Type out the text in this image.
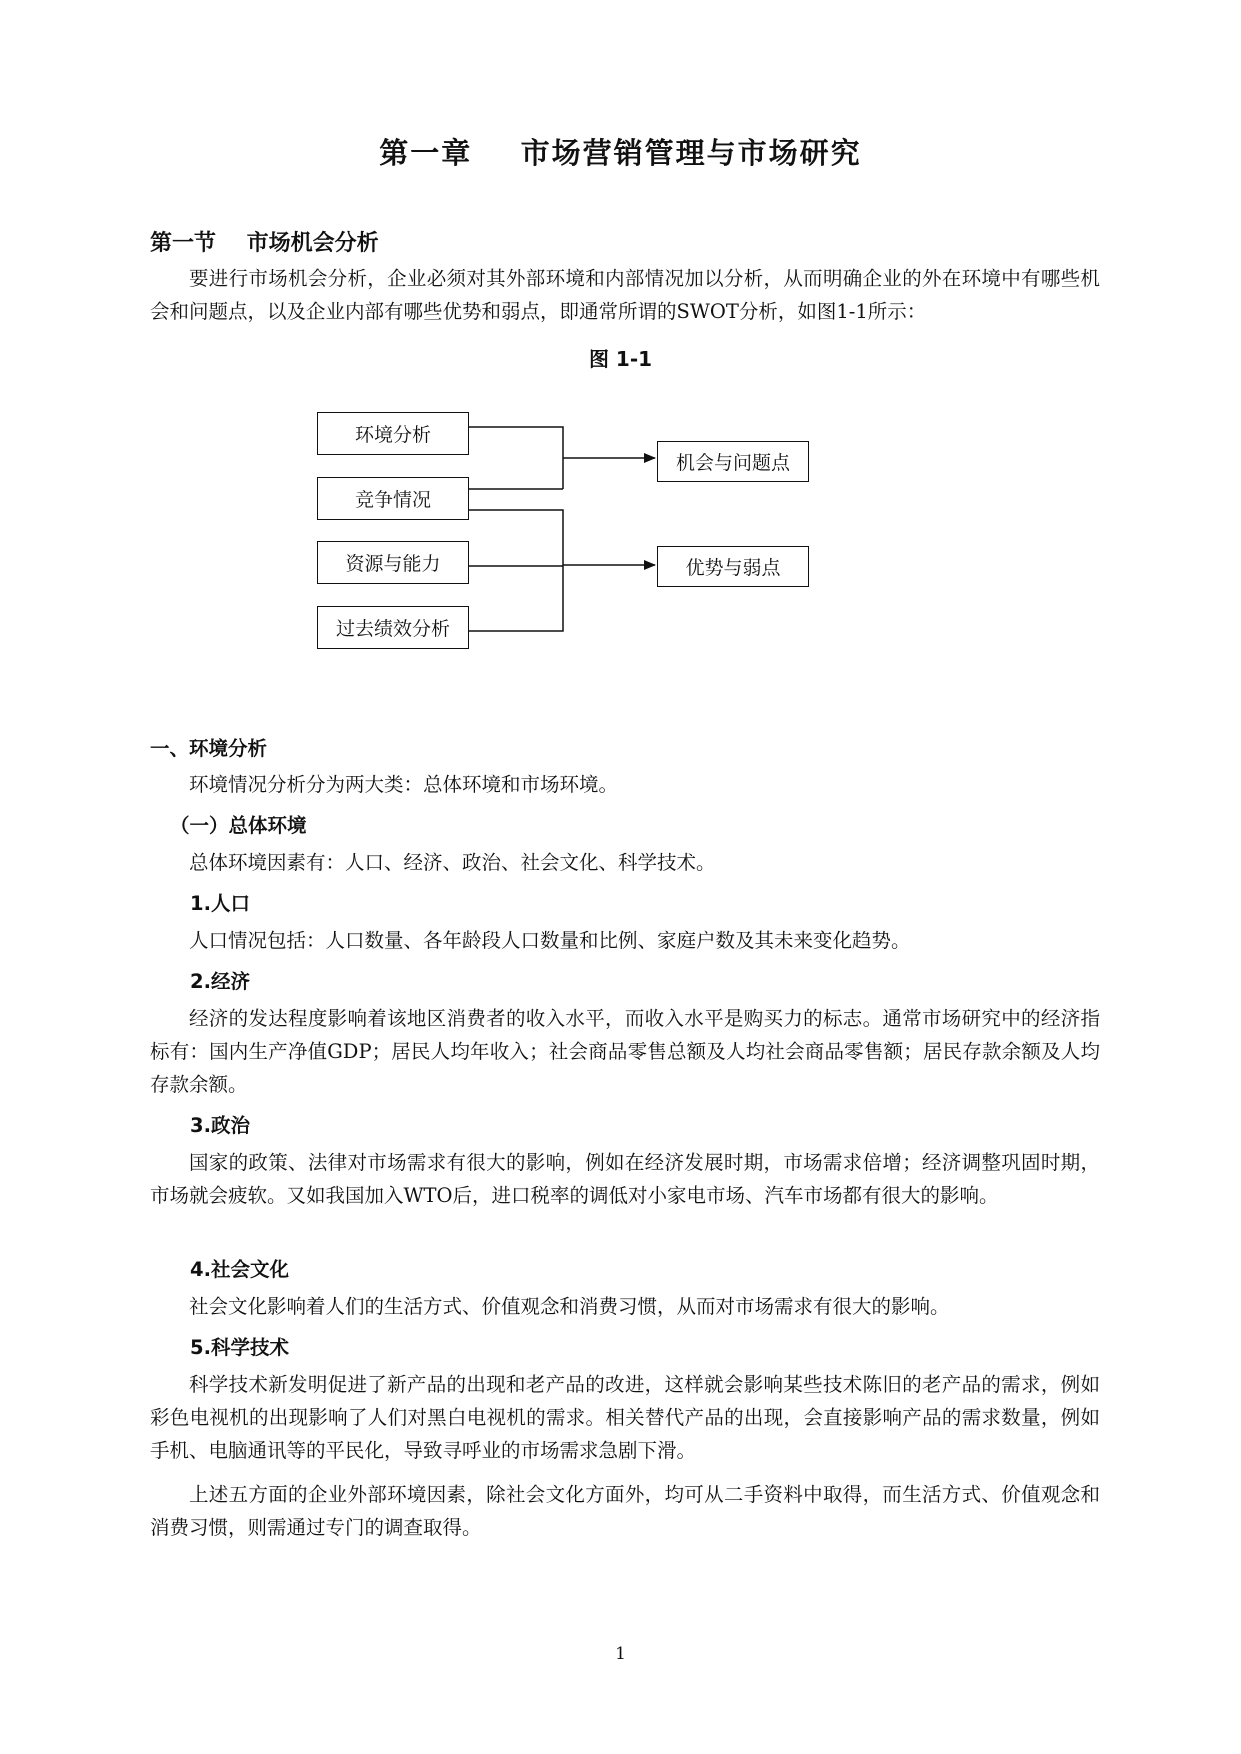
第一章    市场营销管理与市场研究
第一节    市场机会分析

要进行市场机会分析，企业必须对其外部环境和内部情况加以分析，从而明确企业的外在环境中有哪些机会和问题点，以及企业内部有哪些优势和弱点，即通常所谓的SWOT分析，如图1-1所示：

图 1-1
环境分析
竞争情况
资源与能力
过去绩效分析
机会与问题点
优势与弱点
一、环境分析

环境情况分析分为两大类：总体环境和市场环境。

（一）总体环境

总体环境因素有：人口、经济、政治、社会文化、科学技术。

1.人口

人口情况包括：人口数量、各年龄段人口数量和比例、家庭户数及其未来变化趋势。

2.经济

经济的发达程度影响着该地区消费者的收入水平，而收入水平是购买力的标志。通常市场研究中的经济指标有：国内生产净值GDP；居民人均年收入；社会商品零售总额及人均社会商品零售额；居民存款余额及人均存款余额。

3.政治

国家的政策、法律对市场需求有很大的影响，例如在经济发展时期，市场需求倍增；经济调整巩固时期，市场就会疲软。又如我国加入WTO后，进口税率的调低对小家电市场、汽车市场都有很大的影响。

4.社会文化

社会文化影响着人们的生活方式、价值观念和消费习惯，从而对市场需求有很大的影响。

5.科学技术

科学技术新发明促进了新产品的出现和老产品的改进，这样就会影响某些技术陈旧的老产品的需求，例如彩色电视机的出现影响了人们对黑白电视机的需求。相关替代产品的出现，会直接影响产品的需求数量，例如手机、电脑通讯等的平民化，导致寻呼业的市场需求急剧下滑。

上述五方面的企业外部环境因素，除社会文化方面外，均可从二手资料中取得，而生活方式、价值观念和消费习惯，则需通过专门的调查取得。

1
